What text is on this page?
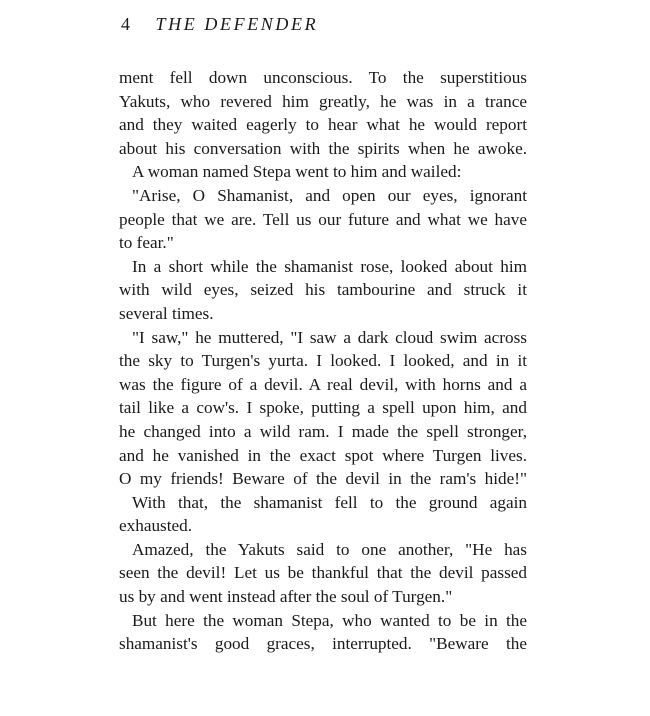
4 THE DEFENDER
ment fell down unconscious. To the superstitious
Yakuts, who revered him greatly, he was in a trance
and they waited eagerly to hear what he would report
about his conversation with the spirits when he awoke.
A woman named Stepa went to him and wailed:
"Arise, O Shamanist, and open our eyes, ignorant
people that we are. Tell us our future and what we have
to fear."
In a short while the shamanist rose, looked about him
with wild eyes, seized his tambourine and struck it
several times.
"I saw," he muttered, "I saw a dark cloud swim across
the sky to Turgen's yurta. I looked. I looked, and in it
was the figure of a devil. A real devil, with horns and a
tail like a cow's. I spoke, putting a spell upon him, and
he changed into a wild ram. I made the spell stronger,
and he vanished in the exact spot where Turgen lives.
O my friends! Beware of the devil in the ram's hide!"
With that, the shamanist fell to the ground again
exhausted.
Amazed, the Yakuts said to one another, "He has
seen the devil! Let us be thankful that the devil passed
us by and went instead after the soul of Turgen."
But here the woman Stepa, who wanted to be in the
shamanist's good graces, interrupted. "Beware the
